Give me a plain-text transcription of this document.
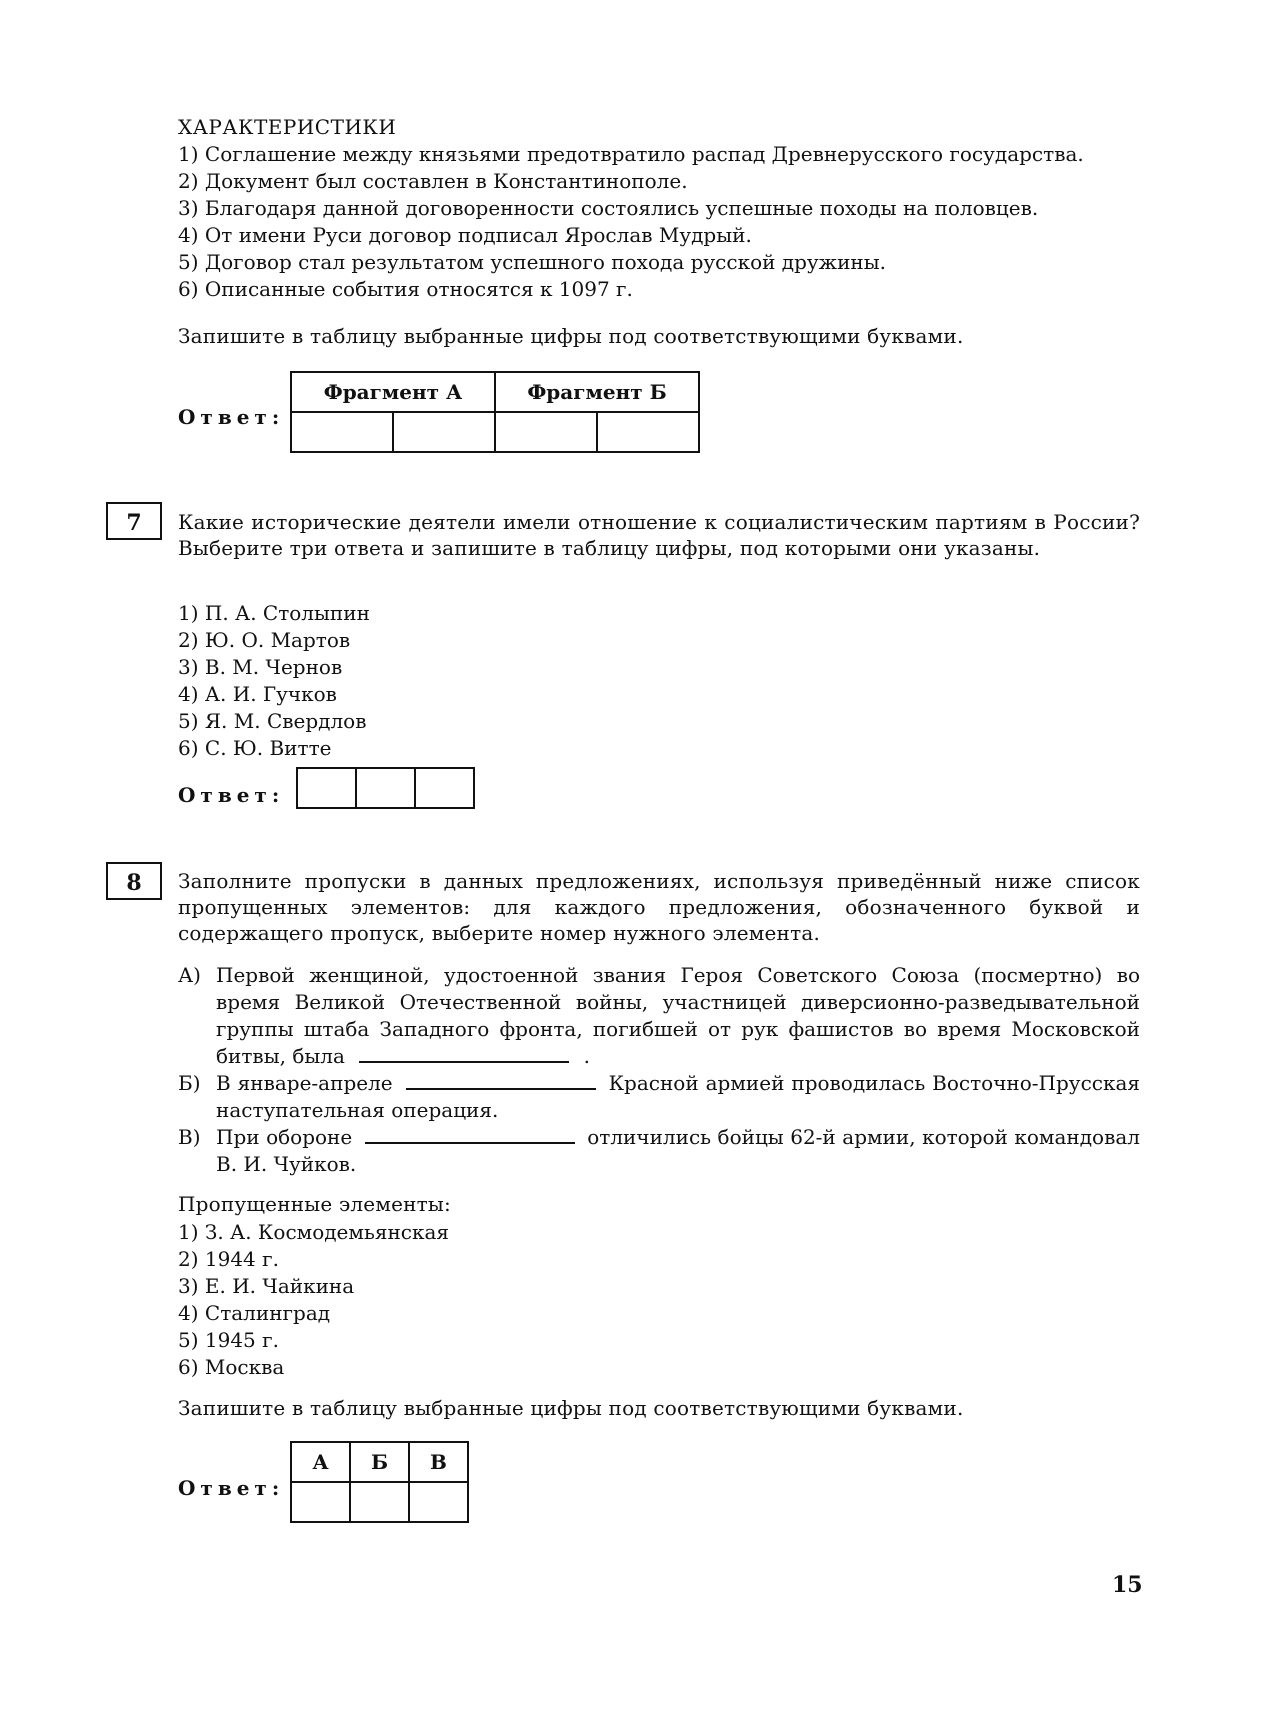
ХАРАКТЕРИСТИКИ
1) Соглашение между князьями предотвратило распад Древнерусского государства.
2) Документ был составлен в Константинополе.
3) Благодаря данной договоренности состоялись успешные походы на половцев.
4) От имени Руси договор подписал Ярослав Мудрый.
5) Договор стал результатом успешного похода русской дружины.
6) Описанные события относятся к 1097 г.
Запишите в таблицу выбранные цифры под соответствующими буквами.
Ответ:
Фрагмент А		Фрагмент Б	

7	Какие исторические деятели имели отношение к социалистическим партиям в России? Выберите три ответа и запишите в таблицу цифры, под которыми они указаны.
1) П. А. Столыпин
2) Ю. О. Мартов
3) В. М. Чернов
4) А. И. Гучков
5) Я. М. Свердлов
6) С. Ю. Витте
Ответ:

8	Заполните пропуски в данных предложениях, используя приведённый ниже список пропущенных элементов: для каждого предложения, обозначенного буквой и содержащего пропуск, выберите номер нужного элемента.
А) Первой женщиной, удостоенной звания Героя Советского Союза (посмертно) во время Великой Отечественной войны, участницей диверсионно-разведывательной группы штаба Западного фронта, погибшей от рук фашистов во время Московской битвы, была	.
Б) В январе-апреле	Красной армией проводилась Восточно-Прусская наступательная операция.
В) При обороне	отличились бойцы 62-й армии, которой командовал В. И. Чуйков.
Пропущенные элементы:
1) З. А. Космодемьянская
2) 1944 г.
3) Е. И. Чайкина
4) Сталинград
5) 1945 г.
6) Москва
Запишите в таблицу выбранные цифры под соответствующими буквами.
Ответ:
А	Б	В

15
